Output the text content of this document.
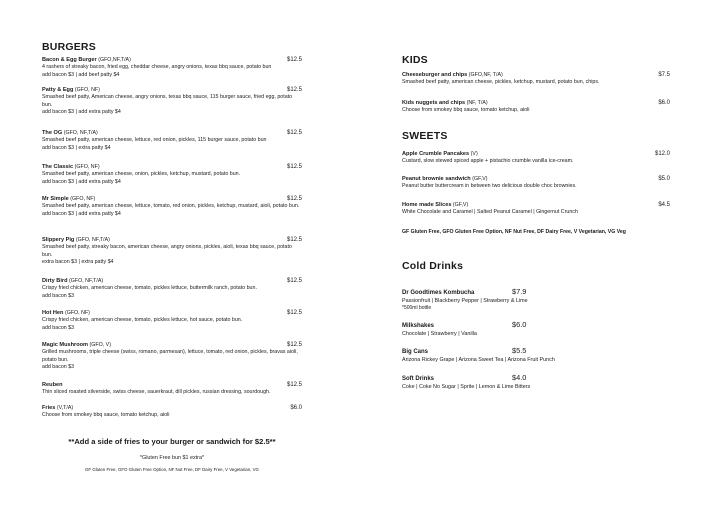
BURGERS
Bacon & Egg Burger (GFO,NF,T/A)	$12.5
4 rashers of streaky bacon, fried egg, cheddar cheese, angry onions, texas bbq sauce, potato bun
add bacon $3 | add beef patty $4
Patty & Egg (GFO, NF)	$12.5
Smashed beef patty, American cheese, angry onions, texas bbq sauce, 115 burger sauce, fried egg, potato bun.
add bacon $3 | add extra patty $4
The OG (GFO, NF,T/A)	$12.5
Smashed beef patty, american cheese, lettuce, red onion, pickles, 115 burger sauce, potato bun
add bacon $3 | extra patty $4
The Classic (GFO, NF)	$12.5
Smashed beef patty, american cheese, onion, pickles, ketchup, mustard, potato bun.
add bacon $3 | add extra patty $4
Mr Simple (GFO, NF)	$12.5
Smashed beef patty, american cheese, lettuce, tomato, red onion, pickles, ketchup, mustard, aioli, potato bun.
add bacon $3 | add extra patty $4
Slippery Pig (GFO, NF,T/A)	$12.5
Smashed beef patty, streaky bacon, american cheese, angry onions, pickles, aioli, texas bbq sauce, potato bun.
extra bacon $3 | extra patty $4
Dirty Bird (GFO, NF,T/A)	$12.5
Crispy fried chicken, american cheese, tomato, pickles lettuce, buttermilk ranch, potato bun.
add bacon $3
Hot Hen (GFO, NF)	$12.5
Crispy fried chicken, american cheese, tomato, pickles lettuce, hot sauce, potato bun.
add bacon $3
Magic Mushroom (GFO, V)	$12.5
Grilled mushrooms, triple cheese (swiss, romano, parmesan), lettuce, tomato, red onion, pickles, bravas aioli, potato bun.
add bacon $3
Reuben	$12.5
Thin sliced roasted silverside, swiss cheese, sauerkraut, dill pickles, russian dressing, sourdough.
Fries (V,T/A)	$6.0
Choose from smokey bbq sauce, tomato ketchup, aioli
**Add a side of fries to your burger or sandwich for $2.5**
*Gluten Free bun $1 extra*
GF Gluten Free, GFO Gluten Free Option, NF Nut Free, DF Dairy Free, V Vegetarian, VG
KIDS
Cheeseburger and chips (GFO,NF, T/A)	$7.5
Smashed beef patty, american cheese, pickles, ketchup, mustard, potato bun, chips.
Kids nuggets and chips (NF, T/A)	$6.0
Choose from smokey bbq sauce, tomato ketchup, aioli
SWEETS
Apple Crumble Pancakes (V)	$12.0
Custard, slow stewed spiced apple + pistachio crumble vanilla ice-cream.
Peanut brownie sandwich (GF,V)	$5.0
Peanut butter buttercream in between two delicious double choc brownies.
Home made Slices (GF,V)	$4.5
White Chocolate and Caramel | Salted Peanut Caramel | Gingernut Crunch
GF Gluten Free, GFO Gluten Free Option, NF Nut Free, DF Dairy Free, V Vegetarian, VG Veg
Cold Drinks
Dr Goodtimes Kombucha	$7.9
Passionfruit | Blackberry Pepper | Strawberry & Lime
*500ml bottle
Milkshakes	$6.0
Chocolate | Strawberry | Vanilla
Big Cans	$5.5
Arizona Rickey Grape | Arizona Sweet Tea | Arizona Fruit Punch
Soft Drinks	$4.0
Coke | Coke No Sugar | Sprite | Lemon & Lime Bitters
